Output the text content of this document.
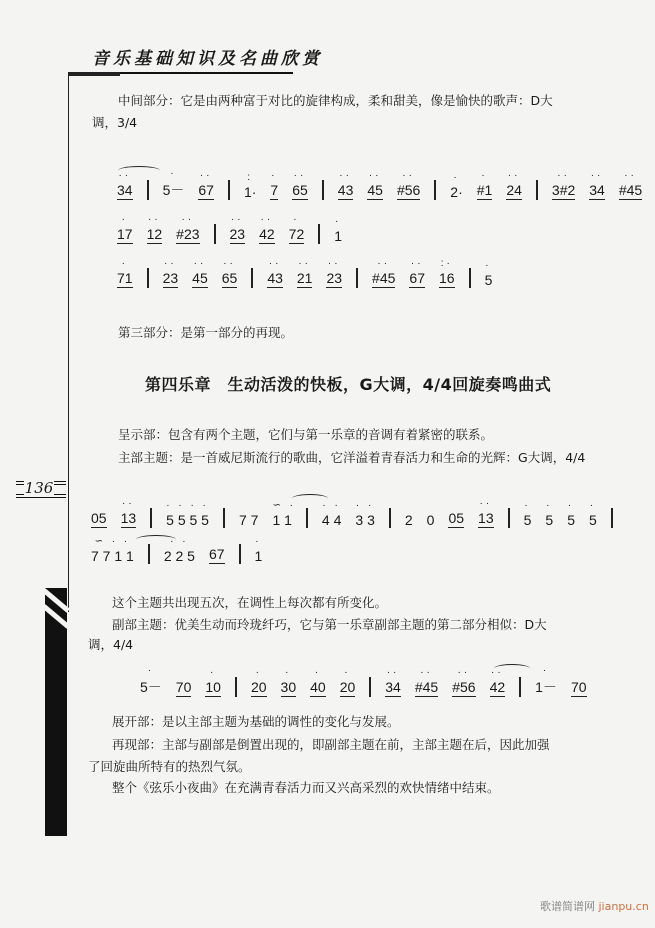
音乐基础知识及名曲欣赏
136
中间部分：它是由两种富于对比的旋律构成，柔和甜美，像是愉快的歌声：D大
调，3/4
34
··
5－
·
67
··
1·
:
7
·
65
··
43
··
45
··
#56
··
2·
·
#1
·
24
··
3#2
··
34
··
#45
··
17
·
12
··
#23
··
23
··
42
··
72
·
1
·
71
·
23
··
45
··
65
··
43
··
21
··
23
··
#45
··
67
··
16
:·
5
·
第三部分：是第一部分的再现。
第四乐章　生动活泼的快板，G大调，4/4回旋奏鸣曲式
呈示部：包含有两个主题，它们与第一乐章的音调有着紧密的联系。
主部主题：是一首威尼斯流行的歌曲，它洋溢着青春活力和生命的光辉：G大调，4/4
05 13
··
5 5 5 5
· · · ·
7 7 1 1
∽ ·
4 4
· ·
3 3
· ·
2 0 05 13
··
5
·
5
·
5
·
5
·
7 7 1 1
∽ · ·
2 2 5
· ·
67 1
·
这个主题共出现五次，在调性上每次都有所变化。
副部主题：优美生动而玲珑纤巧，它与第一乐章副部主题的第二部分相似：D大
调，4/4
5－
·
70 10
·
20
·
30
·
40
·
20
·
34
··
#45
··
#56
··
42
··
1－
·
70
展开部：是以主部主题为基础的调性的变化与发展。
再现部：主部与副部是倒置出现的，即副部主题在前，主部主题在后，因此加强
了回旋曲所特有的热烈气氛。
整个《弦乐小夜曲》在充满青春活力而又兴高采烈的欢快情绪中结束。
歌谱简谱网 jianpu.cn
